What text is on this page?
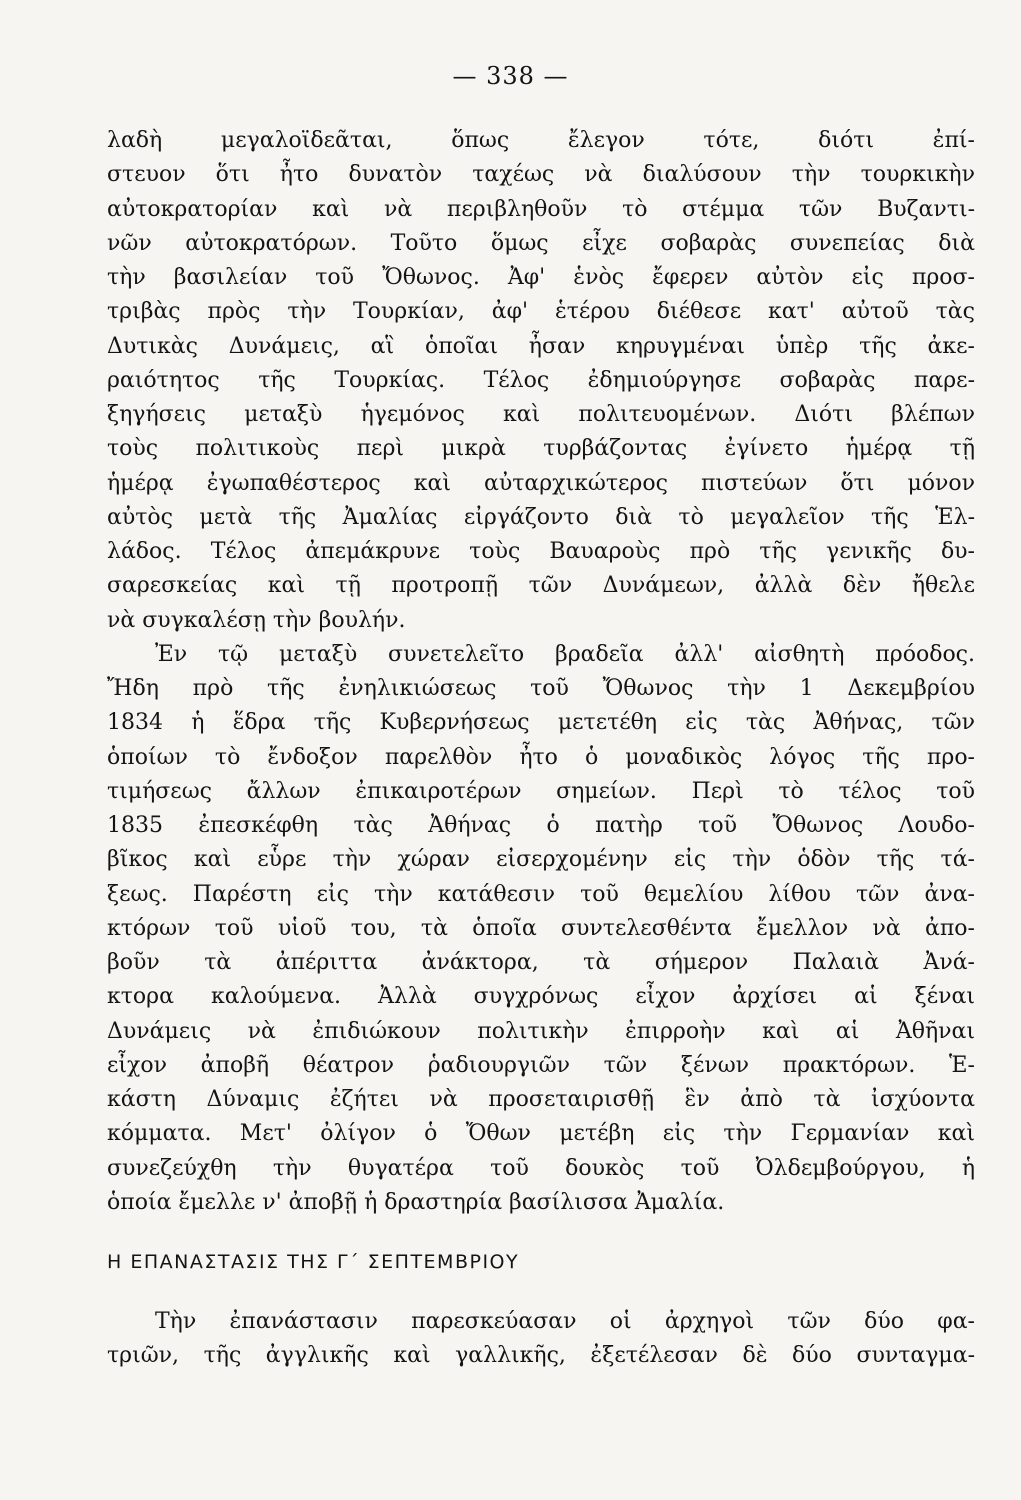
— 338 —
λαδὴ μεγαλοϊδεᾶται, ὅπως ἔλεγον τότε, διότι ἐπί-
στευον ὅτι ἦτο δυνατὸν ταχέως νὰ διαλύσουν τὴν τουρκικὴν
αὐτοκρατορίαν καὶ νὰ περιβληθοῦν τὸ στέμμα τῶν Βυζαντι-
νῶν αὐτοκρατόρων. Τοῦτο ὅμως εἶχε σοβαρὰς συνεπείας διὰ
τὴν βασιλείαν τοῦ Ὄθωνος. Ἀφ' ἑνὸς ἔφερεν αὐτὸν εἰς προσ-
τριβὰς πρὸς τὴν Τουρκίαν, ἀφ' ἑτέρου διέθεσε κατ' αὐτοῦ τὰς
Δυτικὰς Δυνάμεις, αἳ ὁποῖαι ἦσαν κηρυγμέναι ὑπὲρ τῆς ἀκε-
ραιότητος τῆς Τουρκίας. Τέλος ἐδημιούργησε σοβαρὰς παρε-
ξηγήσεις μεταξὺ ἡγεμόνος καὶ πολιτευομένων. Διότι βλέπων
τοὺς πολιτικοὺς περὶ μικρὰ τυρβάζοντας ἐγίνετο ἡμέρᾳ τῇ
ἡμέρᾳ ἐγωπαθέστερος καὶ αὐταρχικώτερος πιστεύων ὅτι μόνον
αὐτὸς μετὰ τῆς Ἀμαλίας εἰργάζοντο διὰ τὸ μεγαλεῖον τῆς Ἑλ-
λάδος. Τέλος ἀπεμάκρυνε τοὺς Βαυαροὺς πρὸ τῆς γενικῆς δυ-
σαρεσκείας καὶ τῇ προτροπῇ τῶν Δυνάμεων, ἀλλὰ δὲν ἤθελε
νὰ συγκαλέσῃ τὴν βουλήν.
Ἐν τῷ μεταξὺ συνετελεῖτο βραδεῖα ἀλλ' αἰσθητὴ πρόοδος.
Ἤδη πρὸ τῆς ἐνηλικιώσεως τοῦ Ὄθωνος τὴν 1 Δεκεμβρίου
1834 ἡ ἕδρα τῆς Κυβερνήσεως μετετέθη εἰς τὰς Ἀθήνας, τῶν
ὁποίων τὸ ἔνδοξον παρελθὸν ἦτο ὁ μοναδικὸς λόγος τῆς προ-
τιμήσεως ἄλλων ἐπικαιροτέρων σημείων. Περὶ τὸ τέλος τοῦ
1835 ἐπεσκέφθη τὰς Ἀθήνας ὁ πατὴρ τοῦ Ὄθωνος Λουδο-
βῖκος καὶ εὗρε τὴν χώραν εἰσερχομένην εἰς τὴν ὁδὸν τῆς τά-
ξεως. Παρέστη εἰς τὴν κατάθεσιν τοῦ θεμελίου λίθου τῶν ἀνα-
κτόρων τοῦ υἱοῦ του, τὰ ὁποῖα συντελεσθέντα ἔμελλον νὰ ἀπο-
βοῦν τὰ ἀπέριττα ἀνάκτορα, τὰ σήμερον Παλαιὰ Ἀνά-
κτορα καλούμενα. Ἀλλὰ συγχρόνως εἶχον ἀρχίσει αἱ ξέναι
Δυνάμεις νὰ ἐπιδιώκουν πολιτικὴν ἐπιρροὴν καὶ αἱ Ἀθῆναι
εἶχον ἀποβῆ θέατρον ῥαδιουργιῶν τῶν ξένων πρακτόρων. Ἑ-
κάστη Δύναμις ἐζήτει νὰ προσεταιρισθῇ ἓν ἀπὸ τὰ ἰσχύοντα
κόμματα. Μετ' ὀλίγον ὁ Ὄθων μετέβη εἰς τὴν Γερμανίαν καὶ
συνεζεύχθη τὴν θυγατέρα τοῦ δουκὸς τοῦ Ὀλδεμβούργου, ἡ
ὁποία ἔμελλε ν' ἀποβῇ ἡ δραστηρία βασίλισσα Ἀμαλία.
Η ΕΠΑΝΑΣΤΑΣΙΣ ΤΗΣ Γ΄ ΣΕΠΤΕΜΒΡΙΟΥ
Τὴν ἐπανάστασιν παρεσκεύασαν οἱ ἀρχηγοὶ τῶν δύο φα-
τριῶν, τῆς ἀγγλικῆς καὶ γαλλικῆς, ἐξετέλεσαν δὲ δύο συνταγμα-
